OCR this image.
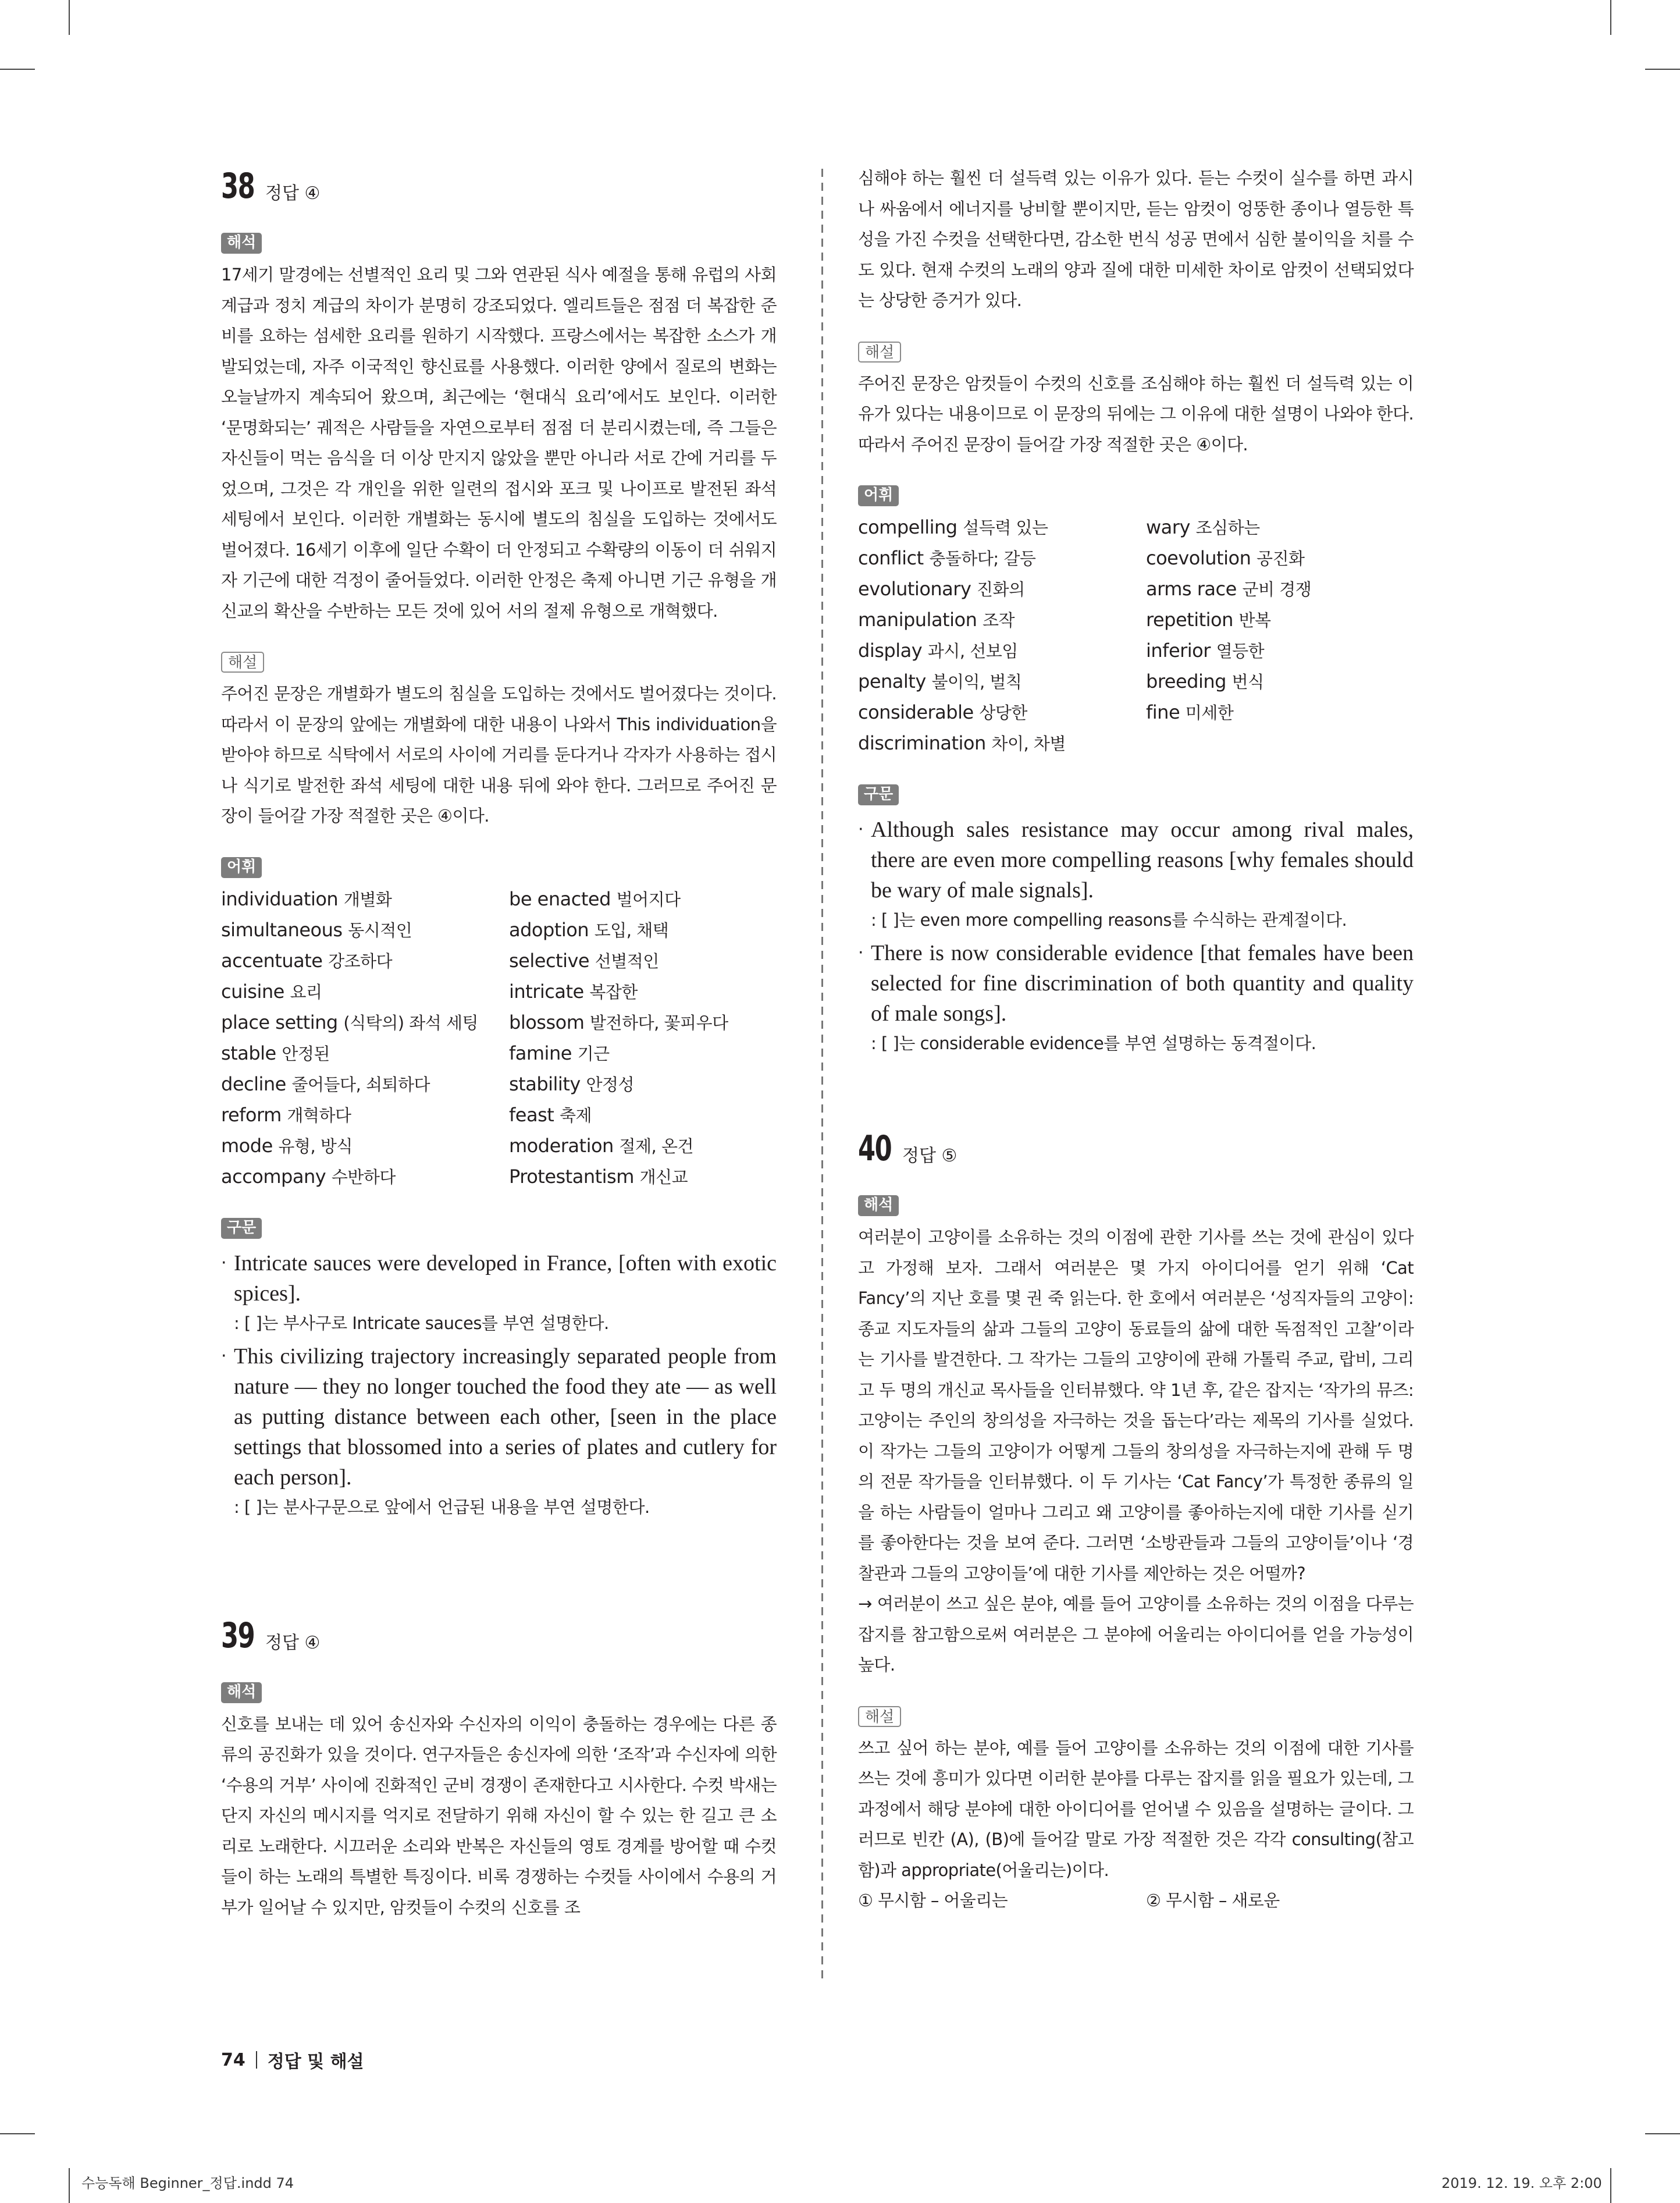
38 정답 ④
해석

17세기 말경에는 선별적인 요리 및 그와 연관된 식사 예절을 통해 유럽의 사회 계급과 정치 계급의 차이가 분명히 강조되었다. 엘리트들은 점점 더 복잡한 준비를 요하는 섬세한 요리를 원하기 시작했다. 프랑스에서는 복잡한 소스가 개발되었는데, 자주 이국적인 향신료를 사용했다. 이러한 양에서 질로의 변화는 오늘날까지 계속되어 왔으며, 최근에는 ‘현대식 요리’에서도 보인다. 이러한 ‘문명화되는’ 궤적은 사람들을 자연으로부터 점점 더 분리시켰는데, 즉 그들은 자신들이 먹는 음식을 더 이상 만지지 않았을 뿐만 아니라 서로 간에 거리를 두었으며, 그것은 각 개인을 위한 일련의 접시와 포크 및 나이프로 발전된 좌석 세팅에서 보인다. 이러한 개별화는 동시에 별도의 침실을 도입하는 것에서도 벌어졌다. 16세기 이후에 일단 수확이 더 안정되고 수확량의 이동이 더 쉬워지자 기근에 대한 걱정이 줄어들었다. 이러한 안정은 축제 아니면 기근 유형을 개신교의 확산을 수반하는 모든 것에 있어 서의 절제 유형으로 개혁했다.

해설

주어진 문장은 개별화가 별도의 침실을 도입하는 것에서도 벌어졌다는 것이다. 따라서 이 문장의 앞에는 개별화에 대한 내용이 나와서 This individuation을 받아야 하므로 식탁에서 서로의 사이에 거리를 둔다거나 각자가 사용하는 접시나 식기로 발전한 좌석 세팅에 대한 내용 뒤에 와야 한다. 그러므로 주어진 문장이 들어갈 가장 적절한 곳은 ④이다.

어휘
individuation 개별화	be enacted 벌어지다
simultaneous 동시적인	adoption 도입, 채택
accentuate 강조하다	selective 선별적인
cuisine 요리	intricate 복잡한
place setting (식탁의) 좌석 세팅	blossom 발전하다, 꽃피우다
stable 안정된	famine 기근
decline 줄어들다, 쇠퇴하다	stability 안정성
reform 개혁하다	feast 축제
mode 유형, 방식	moderation 절제, 온건
accompany 수반하다	Protestantism 개신교
구문
· Intricate sauces were developed in France, [often with exotic spices].

: [ ]는 부사구로 Intricate sauces를 부연 설명한다.

· This civilizing trajectory increasingly separated people from nature — they no longer touched the food they ate — as well as putting distance between each other, [seen in the place settings that blossomed into a series of plates and cutlery for each person].

: [ ]는 분사구문으로 앞에서 언급된 내용을 부연 설명한다.

39 정답 ④
해석

신호를 보내는 데 있어 송신자와 수신자의 이익이 충돌하는 경우에는 다른 종류의 공진화가 있을 것이다. 연구자들은 송신자에 의한 ‘조작’과 수신자에 의한 ‘수용의 거부’ 사이에 진화적인 군비 경쟁이 존재한다고 시사한다. 수컷 박새는 단지 자신의 메시지를 억지로 전달하기 위해 자신이 할 수 있는 한 길고 큰 소리로 노래한다. 시끄러운 소리와 반복은 자신들의 영토 경계를 방어할 때 수컷들이 하는 노래의 특별한 특징이다. 비록 경쟁하는 수컷들 사이에서 수용의 거부가 일어날 수 있지만, 암컷들이 수컷의 신호를 조

심해야 하는 훨씬 더 설득력 있는 이유가 있다. 듣는 수컷이 실수를 하면 과시나 싸움에서 에너지를 낭비할 뿐이지만, 듣는 암컷이 엉뚱한 종이나 열등한 특성을 가진 수컷을 선택한다면, 감소한 번식 성공 면에서 심한 불이익을 치를 수도 있다. 현재 수컷의 노래의 양과 질에 대한 미세한 차이로 암컷이 선택되었다는 상당한 증거가 있다.

해설

주어진 문장은 암컷들이 수컷의 신호를 조심해야 하는 훨씬 더 설득력 있는 이유가 있다는 내용이므로 이 문장의 뒤에는 그 이유에 대한 설명이 나와야 한다. 따라서 주어진 문장이 들어갈 가장 적절한 곳은 ④이다.

어휘
compelling 설득력 있는	wary 조심하는
conflict 충돌하다; 갈등	coevolution 공진화
evolutionary 진화의	arms race 군비 경쟁
manipulation 조작	repetition 반복
display 과시, 선보임	inferior 열등한
penalty 불이익, 벌칙	breeding 번식
considerable 상당한	fine 미세한
discrimination 차이, 차별
구문
· Although sales resistance may occur among rival males, there are even more compelling reasons [why females should be wary of male signals].

: [ ]는 even more compelling reasons를 수식하는 관계절이다.

· There is now considerable evidence [that females have been selected for fine discrimination of both quantity and quality of male songs].

: [ ]는 considerable evidence를 부연 설명하는 동격절이다.

40 정답 ⑤
해석

여러분이 고양이를 소유하는 것의 이점에 관한 기사를 쓰는 것에 관심이 있다고 가정해 보자. 그래서 여러분은 몇 가지 아이디어를 얻기 위해 ‘Cat Fancy’의 지난 호를 몇 권 죽 읽는다. 한 호에서 여러분은 ‘성직자들의 고양이: 종교 지도자들의 삶과 그들의 고양이 동료들의 삶에 대한 독점적인 고찰’이라는 기사를 발견한다. 그 작가는 그들의 고양이에 관해 가톨릭 주교, 랍비, 그리고 두 명의 개신교 목사들을 인터뷰했다. 약 1년 후, 같은 잡지는 ‘작가의 뮤즈: 고양이는 주인의 창의성을 자극하는 것을 돕는다’라는 제목의 기사를 실었다. 이 작가는 그들의 고양이가 어떻게 그들의 창의성을 자극하는지에 관해 두 명의 전문 작가들을 인터뷰했다. 이 두 기사는 ‘Cat Fancy’가 특정한 종류의 일을 하는 사람들이 얼마나 그리고 왜 고양이를 좋아하는지에 대한 기사를 싣기를 좋아한다는 것을 보여 준다. 그러면 ‘소방관들과 그들의 고양이들’이나 ‘경찰관과 그들의 고양이들’에 대한 기사를 제안하는 것은 어떨까?

→ 여러분이 쓰고 싶은 분야, 예를 들어 고양이를 소유하는 것의 이점을 다루는 잡지를 참고함으로써 여러분은 그 분야에 어울리는 아이디어를 얻을 가능성이 높다.

해설

쓰고 싶어 하는 분야, 예를 들어 고양이를 소유하는 것의 이점에 대한 기사를 쓰는 것에 흥미가 있다면 이러한 분야를 다루는 잡지를 읽을 필요가 있는데, 그 과정에서 해당 분야에 대한 아이디어를 얻어낼 수 있음을 설명하는 글이다. 그러므로 빈칸 (A), (B)에 들어갈 말로 가장 적절한 것은 각각 consulting(참고함)과 appropriate(어울리는)이다.

① 무시함 – 어울리는	② 무시함 – 새로운
74 정답 및 해설
수능독해 Beginner_정답.indd 74	2019. 12. 19. 오후 2:00
